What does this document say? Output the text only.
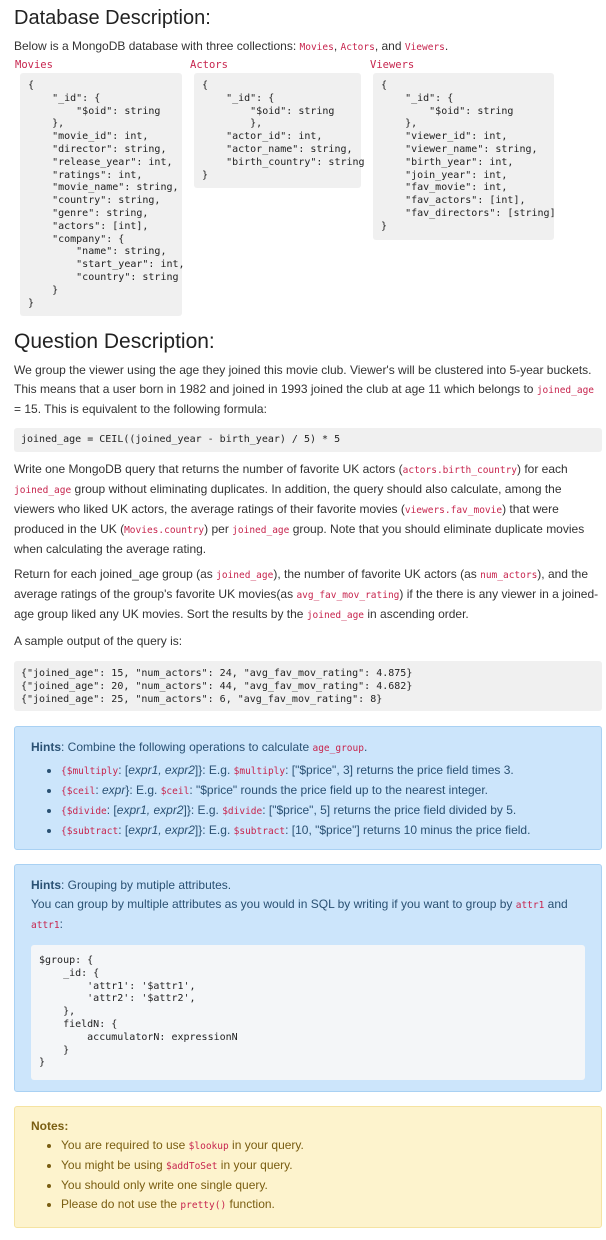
Database Description:

Below is a MongoDB database with three collections: Movies, Actors, and Viewers.

Movies
{
"_id": {
"$oid": string
},
"movie_id": int,
"director": string,
"release_year": int,
"ratings": int,
"movie_name": string,
"country": string,
"genre": string,
"actors": [int],
"company": {
"name": string,
"start_year": int,
"country": string
}
}
Actors
{
"_id": {
"$oid": string
},
"actor_id": int,
"actor_name": string,
"birth_country": string
}
Viewers
{
"_id": {
"$oid": string
},
"viewer_id": int,
"viewer_name": string,
"birth_year": int,
"join_year": int,
"fav_movie": int,
"fav_actors": [int],
"fav_directors": [string]
}
Question Description:

We group the viewer using the age they joined this movie club. Viewer's will be clustered into 5-year buckets. This means that a user born in 1982 and joined in 1993 joined the club at age 11 which belongs to joined_age = 15. This is equivalent to the following formula:

joined_age = CEIL((joined_year - birth_year) / 5) * 5

Write one MongoDB query that returns the number of favorite UK actors (actors.birth_country) for each joined_age group without eliminating duplicates. In addition, the query should also calculate, among the viewers who liked UK actors, the average ratings of their favorite movies (viewers.fav_movie) that were produced in the UK (Movies.country) per joined_age group. Note that you should eliminate duplicate movies when calculating the average rating.

Return for each joined_age group (as joined_age), the number of favorite UK actors (as num_actors), and the average ratings of the group's favorite UK movies(as avg_fav_mov_rating) if the there is any viewer in a joined-age group liked any UK movies. Sort the results by the joined_age in ascending order.

A sample output of the query is:

{"joined_age": 15, "num_actors": 24, "avg_fav_mov_rating": 4.875}
{"joined_age": 20, "num_actors": 44, "avg_fav_mov_rating": 4.682}
{"joined_age": 25, "num_actors": 6, "avg_fav_mov_rating": 8}
Hints: Combine the following operations to calculate age_group.
• {$multiply: [expr1, expr2]}: E.g. $multiply: ["$price", 3] returns the price field times 3.
• {$ceil: expr}: E.g. $ceil: "$price" rounds the price field up to the nearest integer.
• {$divide: [expr1, expr2]}: E.g. $divide: ["$price", 5] returns the price field divided by 5.
• {$subtract: [expr1, expr2]}: E.g. $subtract: [10, "$price"] returns 10 minus the price field.
Hints: Grouping by mutiple attributes.
You can group by multiple attributes as you would in SQL by writing if you want to group by attr1 and attr1:
$group: {
_id: {
'attr1': '$attr1',
'attr2': '$attr2',
},
fieldN: {
accumulatorN: expressionN
}
}
Notes:
• You are required to use $lookup in your query.
• You might be using $addToSet in your query.
• You should only write one single query.
• Please do not use the pretty() function.
